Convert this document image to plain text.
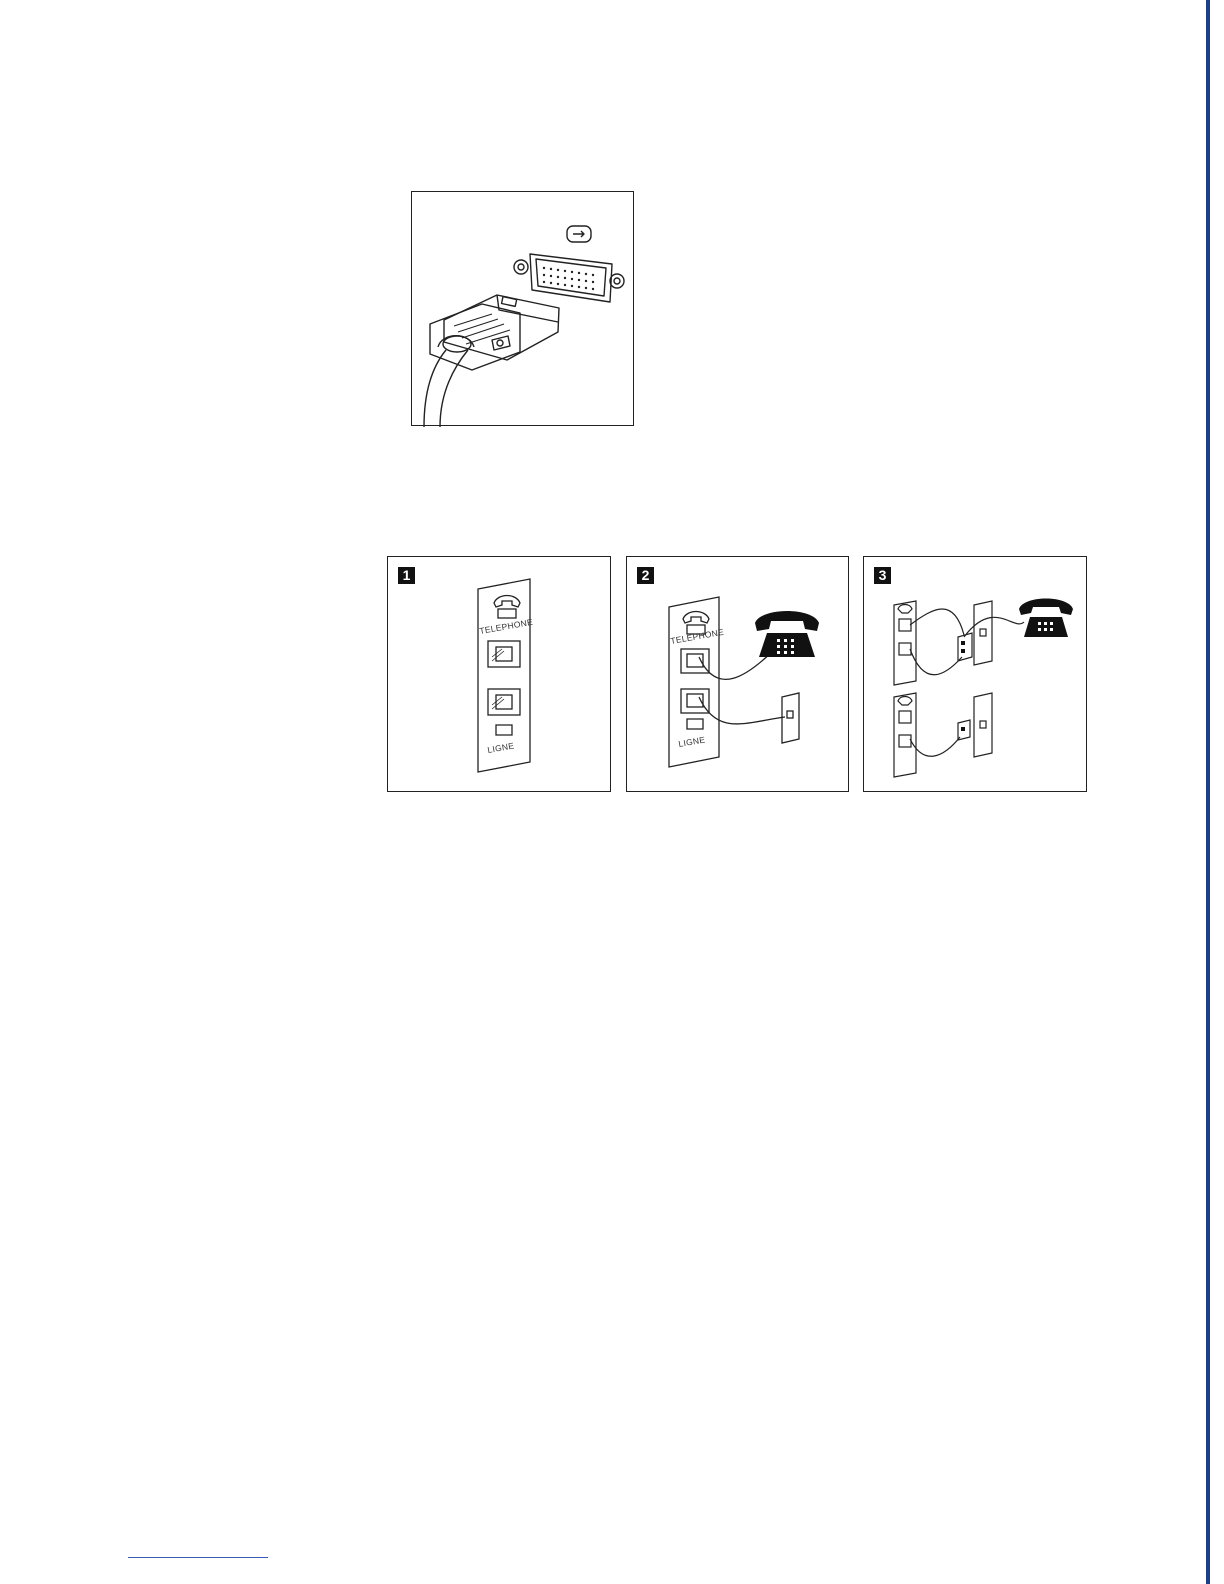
TELEPHONE
LIGNE
1
TELEPHONE
LIGNE
2	3
